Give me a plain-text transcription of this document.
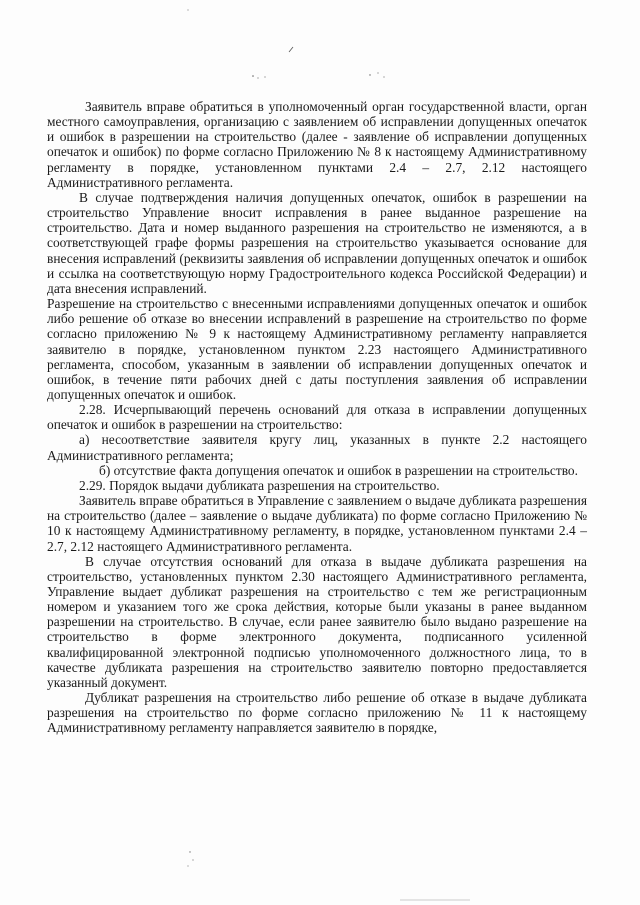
Заявитель вправе обратиться в уполномоченный орган государственной власти, орган местного самоуправления, организацию с заявлением об исправлении допущенных опечаток и ошибок в разрешении на строительство (далее - заявление об исправлении допущенных опечаток и ошибок) по форме согласно Приложению № 8 к настоящему Административному регламенту в порядке, установленном пунктами 2.4 – 2.7, 2.12 настоящего Административного регламента.

В случае подтверждения наличия допущенных опечаток, ошибок в разрешении на строительство Управление вносит исправления в ранее выданное разрешение на строительство. Дата и номер выданного разрешения на строительство не изменяются, а в соответствующей графе формы разрешения на строительство указывается основание для внесения исправлений (реквизиты заявления об исправлении допущенных опечаток и ошибок и ссылка на соответствующую норму Градостроительного кодекса Российской Федерации) и дата внесения исправлений.

Разрешение на строительство с внесенными исправлениями допущенных опечаток и ошибок либо решение об отказе во внесении исправлений в разрешение на строительство по форме согласно приложению № 9 к настоящему Административному регламенту направляется заявителю в порядке, установленном пунктом 2.23 настоящего Административного регламента, способом, указанным в заявлении об исправлении допущенных опечаток и ошибок, в течение пяти рабочих дней с даты поступления заявления об исправлении допущенных опечаток и ошибок.

2.28. Исчерпывающий перечень оснований для отказа в исправлении допущенных опечаток и ошибок в разрешении на строительство:

а) несоответствие заявителя кругу лиц, указанных в пункте 2.2 настоящего Административного регламента;

б) отсутствие факта допущения опечаток и ошибок в разрешении на строительство.

2.29. Порядок выдачи дубликата разрешения на строительство.

Заявитель вправе обратиться в Управление с заявлением о выдаче дубликата разрешения на строительство (далее – заявление о выдаче дубликата) по форме согласно Приложению № 10 к настоящему Административному регламенту, в порядке, установленном пунктами 2.4 – 2.7, 2.12 настоящего Административного регламента.

В случае отсутствия оснований для отказа в выдаче дубликата разрешения на строительство, установленных пунктом 2.30 настоящего Административного регламента, Управление выдает дубликат разрешения на строительство с тем же регистрационным номером и указанием того же срока действия, которые были указаны в ранее выданном разрешении на строительство. В случае, если ранее заявителю было выдано разрешение на строительство в форме электронного документа, подписанного усиленной квалифицированной электронной подписью уполномоченного должностного лица, то в качестве дубликата разрешения на строительство заявителю повторно предоставляется указанный документ.

Дубликат разрешения на строительство либо решение об отказе в выдаче дубликата разрешения на строительство по форме согласно приложению № 11 к настоящему Административному регламенту направляется заявителю в порядке,
